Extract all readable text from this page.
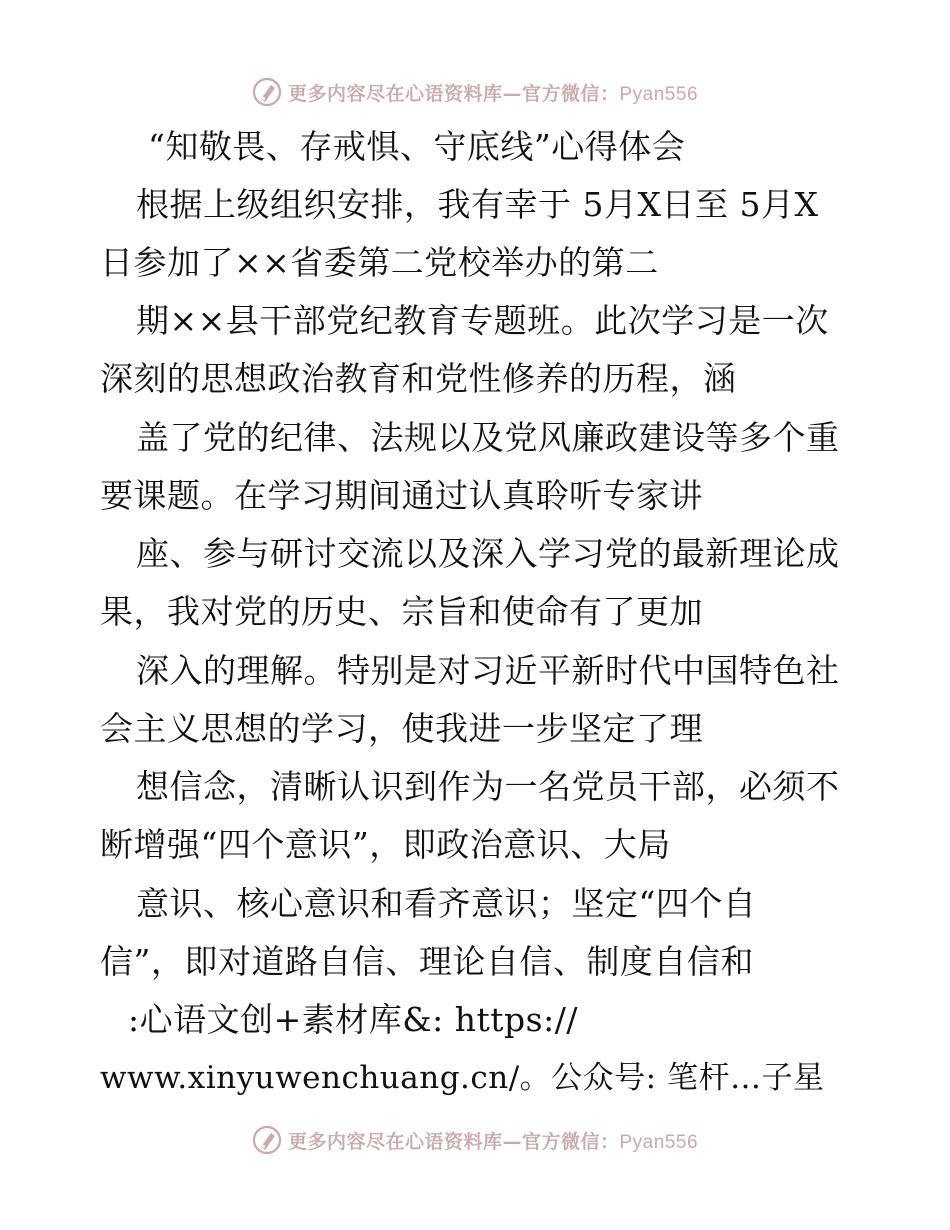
更多内容尽在心语资料库—官方微信：Pyan556
“知敬畏、存戒惧、守底线”心得体会
根据上级组织安排，我有幸于 5月X日至 5月X
日参加了××省委第二党校举办的第二
期××县干部党纪教育专题班。此次学习是一次
深刻的思想政治教育和党性修养的历程，涵
盖了党的纪律、法规以及党风廉政建设等多个重
要课题。在学习期间通过认真聆听专家讲
座、参与研讨交流以及深入学习党的最新理论成
果，我对党的历史、宗旨和使命有了更加
深入的理解。特别是对习近平新时代中国特色社
会主义思想的学习，使我进一步坚定了理
想信念，清晰认识到作为一名党员干部，必须不
断增强“四个意识”，即政治意识、大局
意识、核心意识和看齐意识；坚定“四个自
信”，即对道路自信、理论自信、制度自信和
:心语文创+素材库&: https://
www.xinyuwenchuang.cn/。公众号: 笔杆…子星
更多内容尽在心语资料库—官方微信：Pyan556
